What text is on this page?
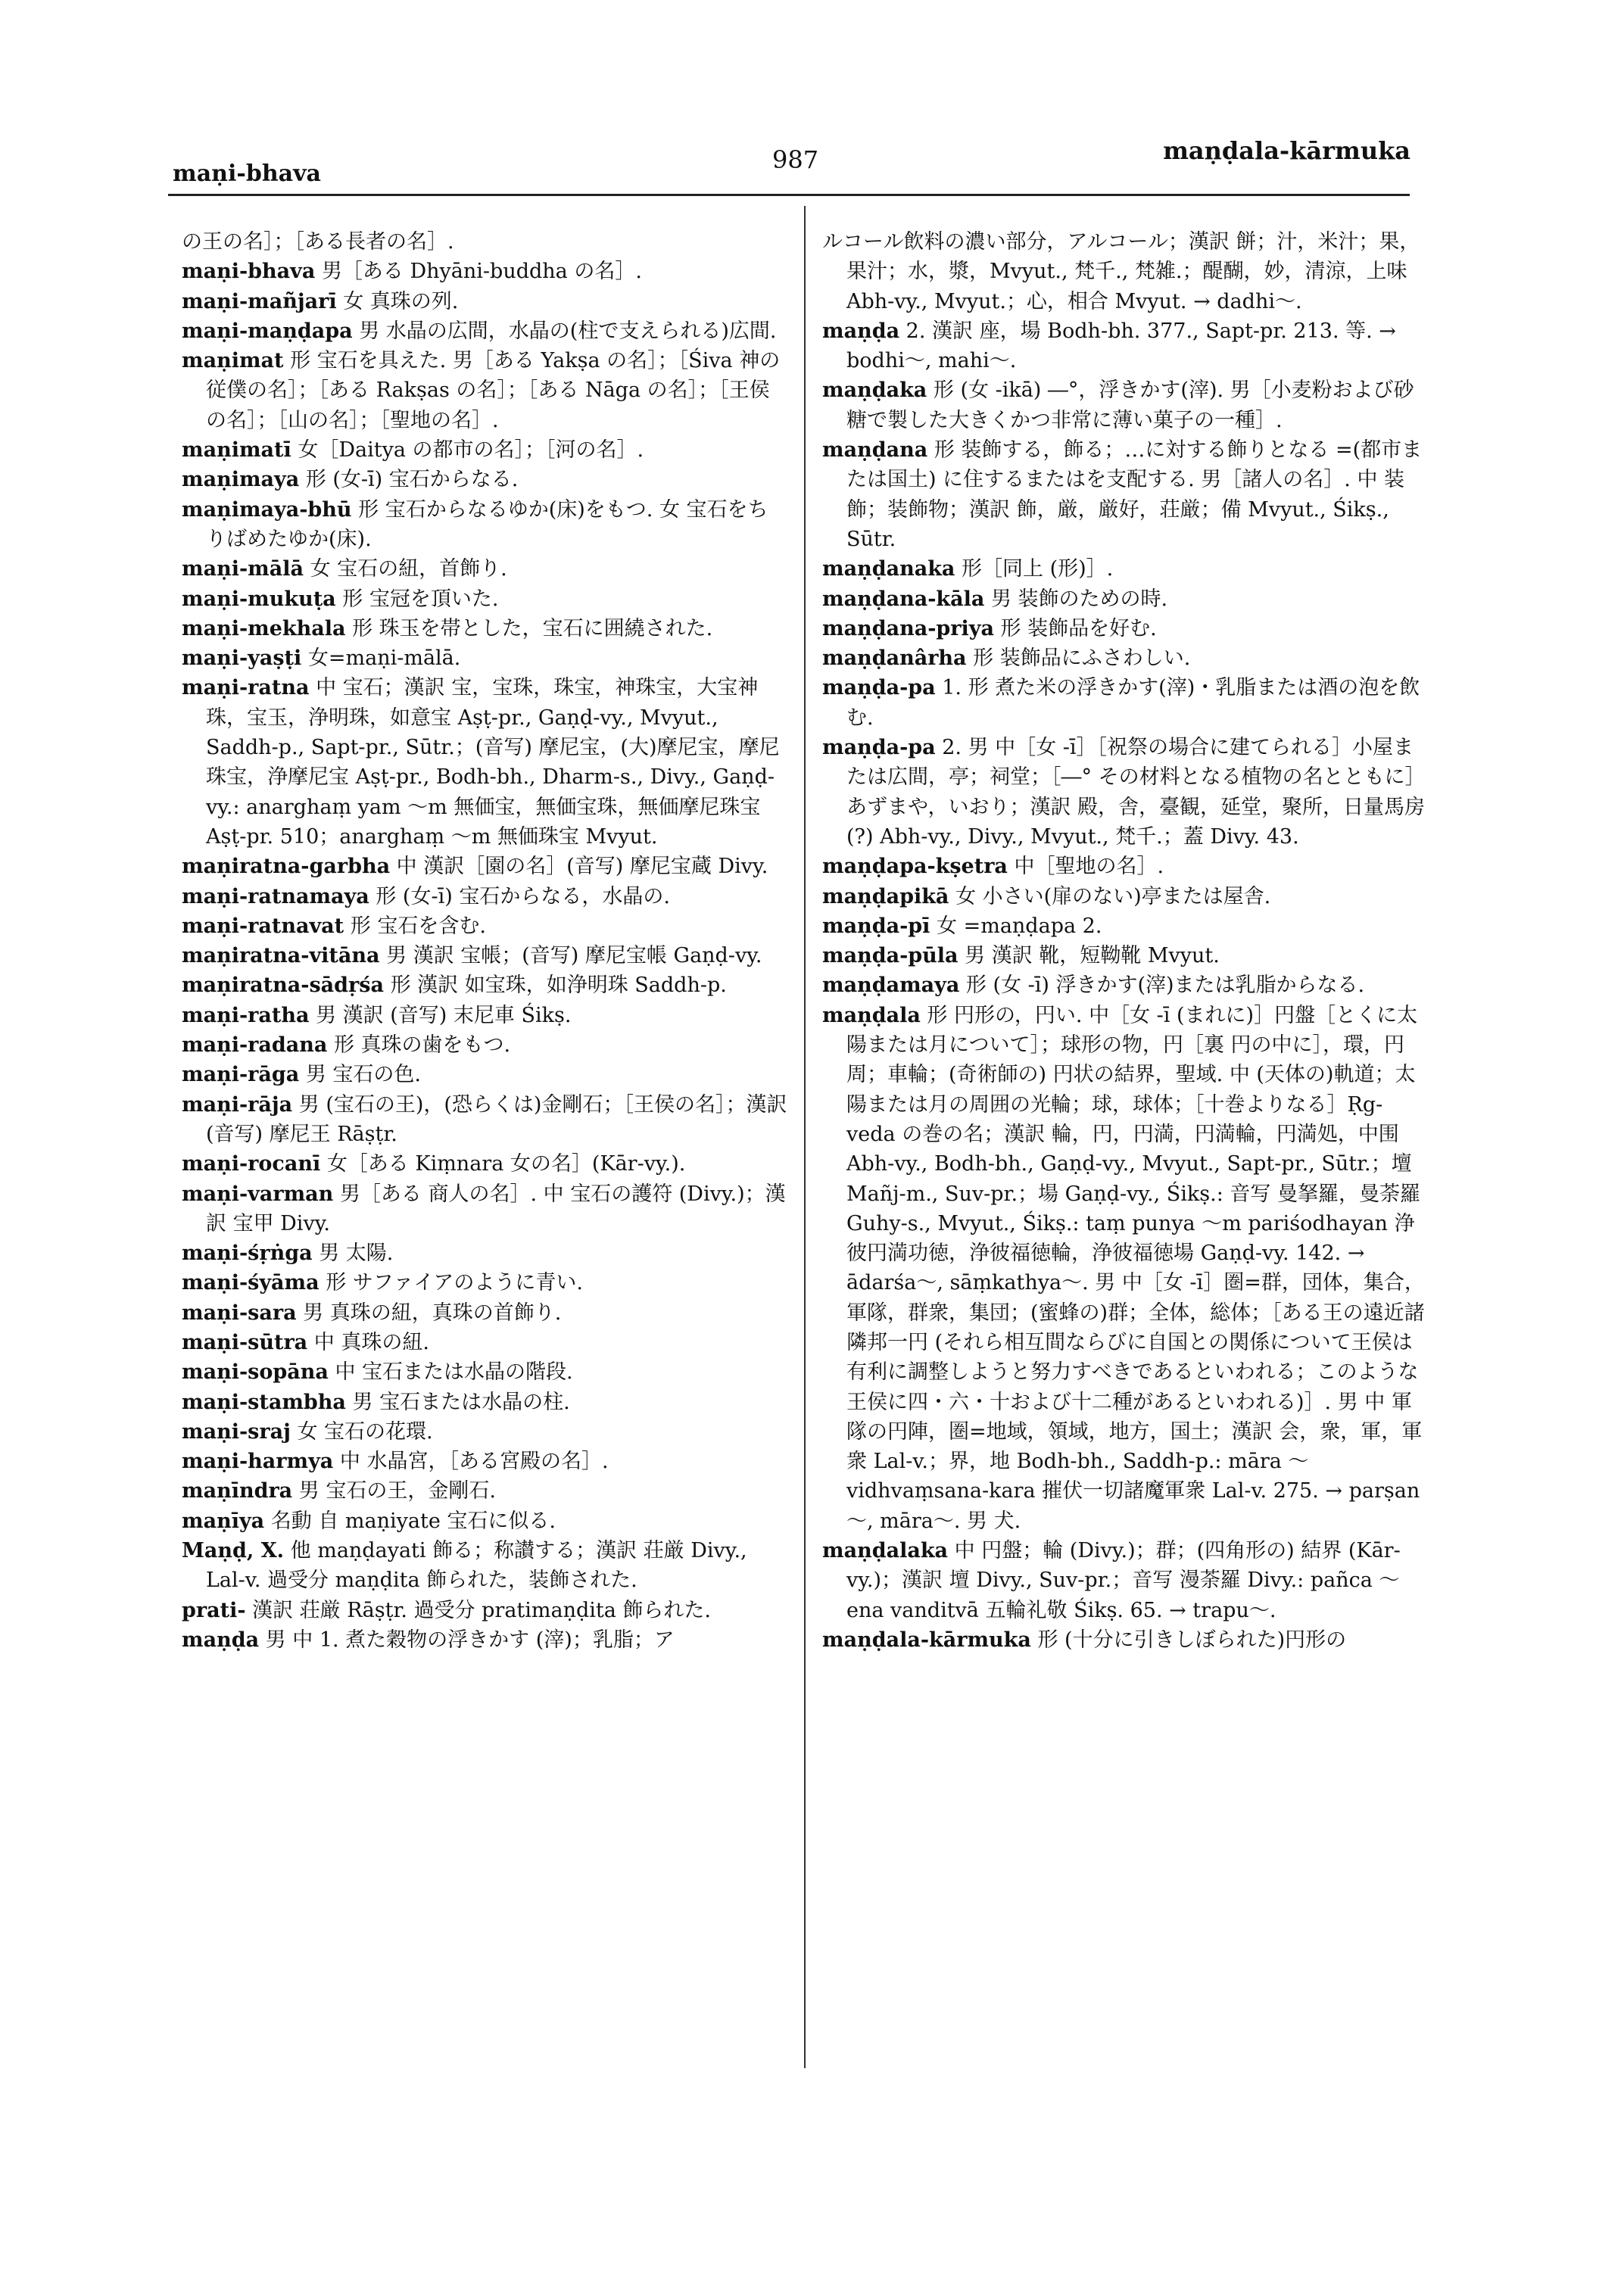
maṇi-bhava	987	maṇḍala-kārmuka

の王の名］；［ある長者の名］.

maṇi-bhava 男［ある Dhyāni-buddha の名］.

maṇi-mañjarī 女 真珠の列.

maṇi-maṇḍapa 男 水晶の広間，水晶の(柱で支えられる)広間.

maṇimat 形 宝石を具えた. 男［ある Yakṣa の名］；［Śiva 神の従僕の名］；［ある Rakṣas の名］；［ある Nāga の名］；［王侯の名］；［山の名］；［聖地の名］.

maṇimatī 女［Daitya の都市の名］；［河の名］.

maṇimaya 形 (女-ī) 宝石からなる.

maṇimaya-bhū 形 宝石からなるゆか(床)をもつ. 女 宝石をちりばめたゆか(床).

maṇi-mālā 女 宝石の紐，首飾り.

maṇi-mukuṭa 形 宝冠を頂いた.

maṇi-mekhala 形 珠玉を帯とした，宝石に囲繞された.

maṇi-yaṣṭi 女=maṇi-mālā.

maṇi-ratna 中 宝石；漢訳 宝，宝珠，珠宝，神珠宝，大宝神珠，宝玉，浄明珠，如意宝 Aṣṭ-pr., Gaṇḍ-vy., Mvyut., Saddh-p., Sapt-pr., Sūtr.；(音写) 摩尼宝，(大)摩尼宝，摩尼珠宝，浄摩尼宝 Aṣṭ-pr., Bodh-bh., Dharm-s., Divy., Gaṇḍ-vy.: anarghaṃ yam ～m 無価宝，無価宝珠，無価摩尼珠宝 Aṣṭ-pr. 510；anarghaṃ ～m 無価珠宝 Mvyut.

maṇiratna-garbha 中 漢訳［園の名］(音写) 摩尼宝蔵 Divy.

maṇi-ratnamaya 形 (女-ī) 宝石からなる，水晶の.

maṇi-ratnavat 形 宝石を含む.

maṇiratna-vitāna 男 漢訳 宝帳；(音写) 摩尼宝帳 Gaṇḍ-vy.

maṇiratna-sādṛśa 形 漢訳 如宝珠，如浄明珠 Saddh-p.

maṇi-ratha 男 漢訳 (音写) 末尼車 Śikṣ.

maṇi-radana 形 真珠の歯をもつ.

maṇi-rāga 男 宝石の色.

maṇi-rāja 男 (宝石の王)，(恐らくは)金剛石；［王侯の名］；漢訳 (音写) 摩尼王 Rāṣṭr.

maṇi-rocanī 女［ある Kiṃnara 女の名］(Kār-vy.).

maṇi-varman 男［ある 商人の名］. 中 宝石の護符 (Divy.)；漢訳 宝甲 Divy.

maṇi-śṛṅga 男 太陽.

maṇi-śyāma 形 サファイアのように青い.

maṇi-sara 男 真珠の紐，真珠の首飾り.

maṇi-sūtra 中 真珠の紐.

maṇi-sopāna 中 宝石または水晶の階段.

maṇi-stambha 男 宝石または水晶の柱.

maṇi-sraj 女 宝石の花環.

maṇi-harmya 中 水晶宮，［ある宮殿の名］.

maṇīndra 男 宝石の王，金剛石.

maṇīya 名動 自 maṇiyate 宝石に似る.

Maṇḍ, X. 他 maṇḍayati 飾る；称讃する；漢訳 荘厳 Divy., Lal-v. 過受分 maṇḍita 飾られた，装飾された.

prati- 漢訳 荘厳 Rāṣṭr. 過受分 pratimaṇḍita 飾られた.

maṇḍa 男 中 1. 煮た穀物の浮きかす (滓)；乳脂；ア

ルコール飲料の濃い部分，アルコール；漢訳 餅；汁，米汁；果，果汁；水，漿，Mvyut., 梵千., 梵雑.；醍醐，妙，清涼，上味 Abh-vy., Mvyut.；心，相合 Mvyut. → dadhi～.

maṇḍa 2. 漢訳 座，場 Bodh-bh. 377., Sapt-pr. 213. 等. → bodhi～, mahi～.

maṇḍaka 形 (女 -ikā) ―°，浮きかす(滓). 男［小麦粉および砂糖で製した大きくかつ非常に薄い菓子の一種］.

maṇḍana 形 装飾する，飾る；…に対する飾りとなる =(都市または国土) に住するまたはを支配する. 男［諸人の名］. 中 装飾；装飾物；漢訳 飾，厳，厳好，荘厳；備 Mvyut., Śikṣ., Sūtr.

maṇḍanaka 形［同上 (形)］.

maṇḍana-kāla 男 装飾のための時.

maṇḍana-priya 形 装飾品を好む.

maṇḍanârha 形 装飾品にふさわしい.

maṇḍa-pa 1. 形 煮た米の浮きかす(滓)・乳脂または酒の泡を飲む.

maṇḍa-pa 2. 男 中［女 -ī］［祝祭の場合に建てられる］小屋または広間，亭；祠堂；［―° その材料となる植物の名とともに］あずまや，いおり；漢訳 殿，舎，臺観，延堂，聚所，日量馬房(?) Abh-vy., Divy., Mvyut., 梵千.；蓋 Divy. 43.

maṇḍapa-kṣetra 中［聖地の名］.

maṇḍapikā 女 小さい(扉のない)亭または屋舎.

maṇḍa-pī 女 =maṇḍapa 2.

maṇḍa-pūla 男 漢訳 靴，短靿靴 Mvyut.

maṇḍamaya 形 (女 -ī) 浮きかす(滓)または乳脂からなる.

maṇḍala 形 円形の，円い. 中［女 -ī (まれに)］円盤［とくに太陽または月について］；球形の物，円［裏 円の中に］，環，円周；車輪；(奇術師の) 円状の結界，聖域. 中 (天体の)軌道；太陽または月の周囲の光輪；球，球体；［十巻よりなる］Ṛg-veda の巻の名；漢訳 輪，円，円満，円満輪，円満処，中围 Abh-vy., Bodh-bh., Gaṇḍ-vy., Mvyut., Sapt-pr., Sūtr.；壇 Mañj-m., Suv-pr.；場 Gaṇḍ-vy., Śikṣ.: 音写 曼拏羅，曼荼羅 Guhy-s., Mvyut., Śikṣ.: taṃ punya ～m pariśodhayan 浄彼円満功徳，浄彼福徳輪，浄彼福徳場 Gaṇḍ-vy. 142. → ādarśa～, sāṃkathya～. 男 中［女 -ī］圏=群，団体，集合，軍隊，群衆，集団；(蜜蜂の)群；全体，総体；［ある王の遠近諸隣邦一円 (それら相互間ならびに自国との関係について王侯は有利に調整しようと努力すべきであるといわれる；このような王侯に四・六・十および十二種があるといわれる)］. 男 中 軍隊の円陣，圏=地域，領域，地方，国土；漢訳 会，衆，軍，軍衆 Lal-v.；界，地 Bodh-bh., Saddh-p.: māra ～vidhvaṃsana-kara 摧伏一切諸魔軍衆 Lal-v. 275. → parṣan～, māra～. 男 犬.

maṇḍalaka 中 円盤；輪 (Divy.)；群；(四角形の) 結界 (Kār-vy.)；漢訳 壇 Divy., Suv-pr.；音写 漫荼羅 Divy.: pañca ～ena vanditvā 五輪礼敬 Śikṣ. 65. → trapu～.

maṇḍala-kārmuka 形 (十分に引きしぼられた)円形の
